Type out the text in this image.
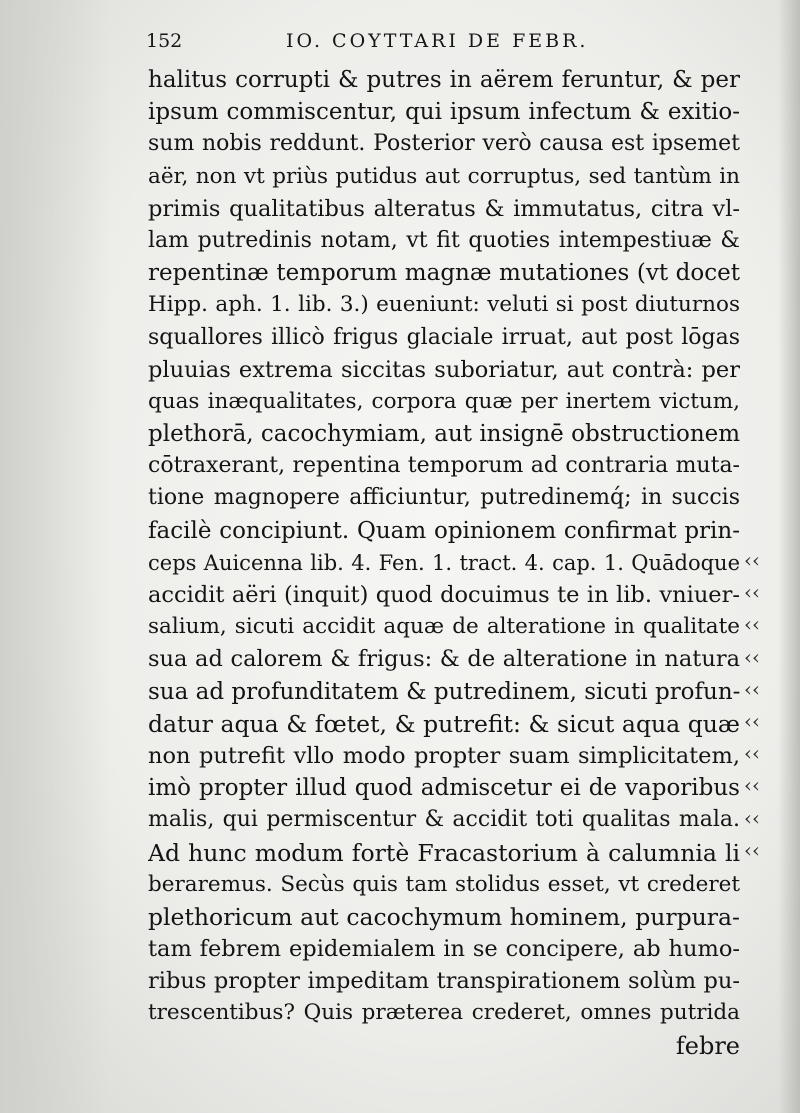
152	IO. COYTTARI DE FEBR.
halitus corrupti & putres in aërem feruntur, & per
ipsum commiscentur, qui ipsum infectum & exitio-
sum nobis reddunt. Posterior verò causa est ipsemet
aër, non vt priùs putidus aut corruptus, sed tantùm in
primis qualitatibus alteratus & immutatus, citra vl-
lam putredinis notam, vt fit quoties intempestiuæ &
repentinæ temporum magnæ mutationes (vt docet
Hipp. aph. 1. lib. 3.) eueniunt: veluti si post diuturnos
squallores illicò frigus glaciale irruat, aut post lōgas
pluuias extrema siccitas suboriatur, aut contrà: per
quas inæqualitates, corpora quæ per inertem victum,
plethorā, cacochymiam, aut insignē obstructionem
cōtraxerant, repentina temporum ad contraria muta-
tione magnopere afficiuntur, putredinemq́; in succis
facilè concipiunt. Quam opinionem confirmat prin-
ceps Auicenna lib. 4. Fen. 1. tract. 4. cap. 1. Quādoque
accidit aëri (inquit) quod docuimus te in lib. vniuer-
salium, sicuti accidit aquæ de alteratione in qualitate
sua ad calorem & frigus: & de alteratione in natura
sua ad profunditatem & putredinem, sicuti profun-
datur aqua & fœtet, & putrefit: & sicut aqua quæ
non putrefit vllo modo propter suam simplicitatem,
imò propter illud quod admiscetur ei de vaporibus
malis, qui permiscentur & accidit toti qualitas mala.
Ad hunc modum fortè Fracastorium à calumnia li
beraremus. Secùs quis tam stolidus esset, vt crederet
plethoricum aut cacochymum hominem, purpura-
tam febrem epidemialem in se concipere, ab humo-
ribus propter impeditam transpirationem solùm pu-
trescentibus? Quis præterea crederet, omnes putrida
febre
‹‹
‹‹
‹‹
‹‹
‹‹
‹‹
‹‹
‹‹
‹‹
‹‹
